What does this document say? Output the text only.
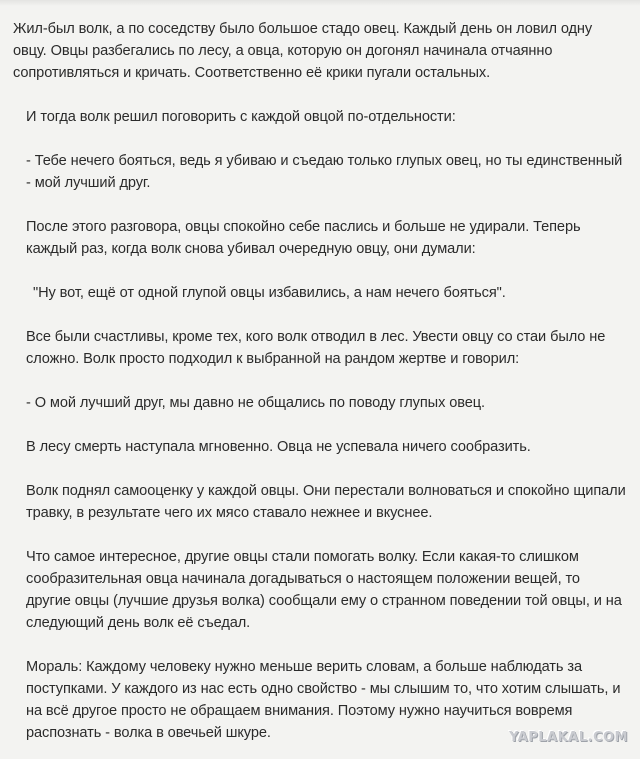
Жил-был волк, а по соседству было большое стадо овец. Каждый день он ловил одну овцу. Овцы разбегались по лесу, а овца, которую он догонял начинала отчаянно сопротивляться и кричать. Соответственно её крики пугали остальных.

И тогда волк решил поговорить с каждой овцой по-отдельности:

- Тебе нечего бояться, ведь я убиваю и съедаю только глупых овец, но ты единственный - мой лучший друг.

После этого разговора, овцы спокойно себе паслись и больше не удирали. Теперь каждый раз, когда волк снова убивал очередную овцу, они думали:

"Ну вот, ещё от одной глупой овцы избавились, а нам нечего бояться".

Все были счастливы, кроме тех, кого волк отводил в лес. Увести овцу со стаи было не сложно. Волк просто подходил к выбранной на рандом жертве и говорил:

- О мой лучший друг, мы давно не общались по поводу глупых овец.

В лесу смерть наступала мгновенно. Овца не успевала ничего сообразить.

Волк поднял самооценку у каждой овцы. Они перестали волноваться и спокойно щипали травку, в результате чего их мясо ставало нежнее и вкуснее.

Что самое интересное, другие овцы стали помогать волку. Если какая-то слишком сообразительная овца начинала догадываться о настоящем положении вещей, то другие овцы (лучшие друзья волка) сообщали ему о странном поведении той овцы, и на следующий день волк её съедал.

Мораль: Каждому человеку нужно меньше верить словам, а больше наблюдать за поступками. У каждого из нас есть одно свойство - мы слышим то, что хотим слышать, и на всё другое просто не обращаем внимания. Поэтому нужно научиться вовремя распознать - волка в овечьей шкуре.	YAPLAKAL.COM
